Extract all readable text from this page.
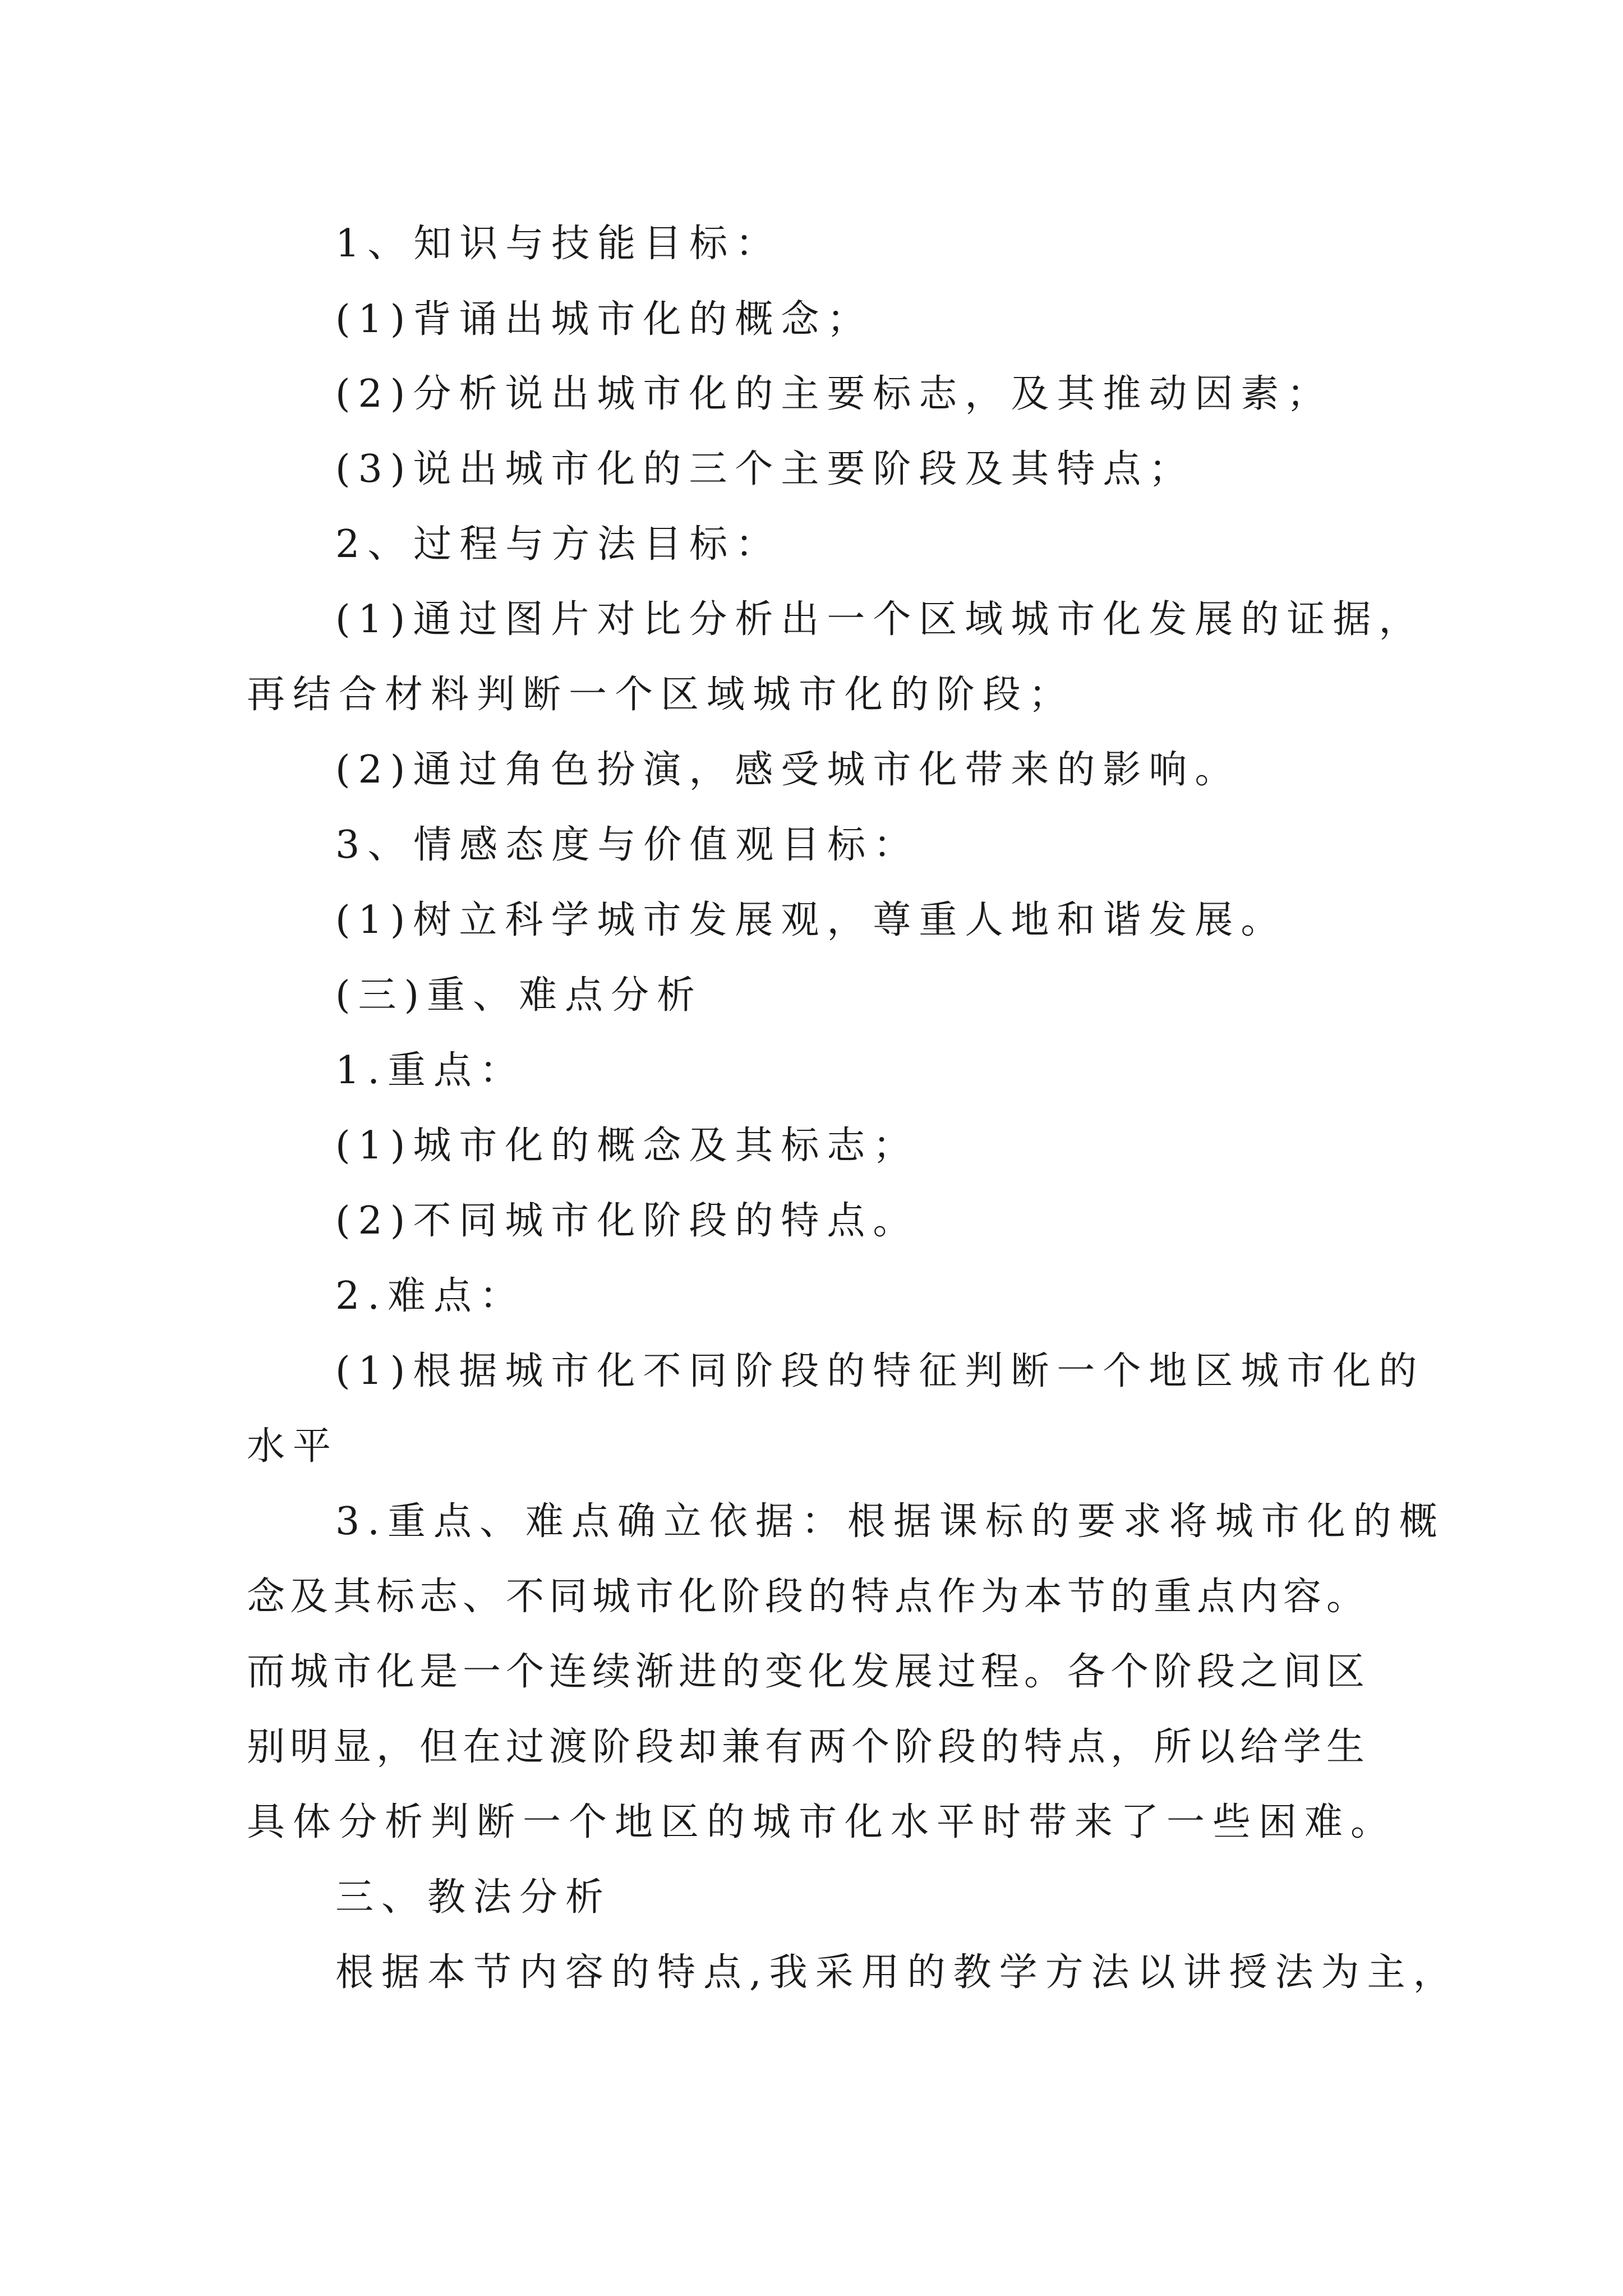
1、知识与技能目标：

(1)背诵出城市化的概念；

(2)分析说出城市化的主要标志，及其推动因素；

(3)说出城市化的三个主要阶段及其特点；

2、过程与方法目标：

(1)通过图片对比分析出一个区域城市化发展的证据，

再结合材料判断一个区域城市化的阶段；

(2)通过角色扮演，感受城市化带来的影响。

3、情感态度与价值观目标：

(1)树立科学城市发展观，尊重人地和谐发展。

(三)重、难点分析

1.重点：

(1)城市化的概念及其标志；

(2)不同城市化阶段的特点。

2.难点：

(1)根据城市化不同阶段的特征判断一个地区城市化的

水平

3.重点、难点确立依据：根据课标的要求将城市化的概

念及其标志、不同城市化阶段的特点作为本节的重点内容。

而城市化是一个连续渐进的变化发展过程。各个阶段之间区

别明显，但在过渡阶段却兼有两个阶段的特点，所以给学生

具体分析判断一个地区的城市化水平时带来了一些困难。

三、教法分析

根据本节内容的特点,我采用的教学方法以讲授法为主，
